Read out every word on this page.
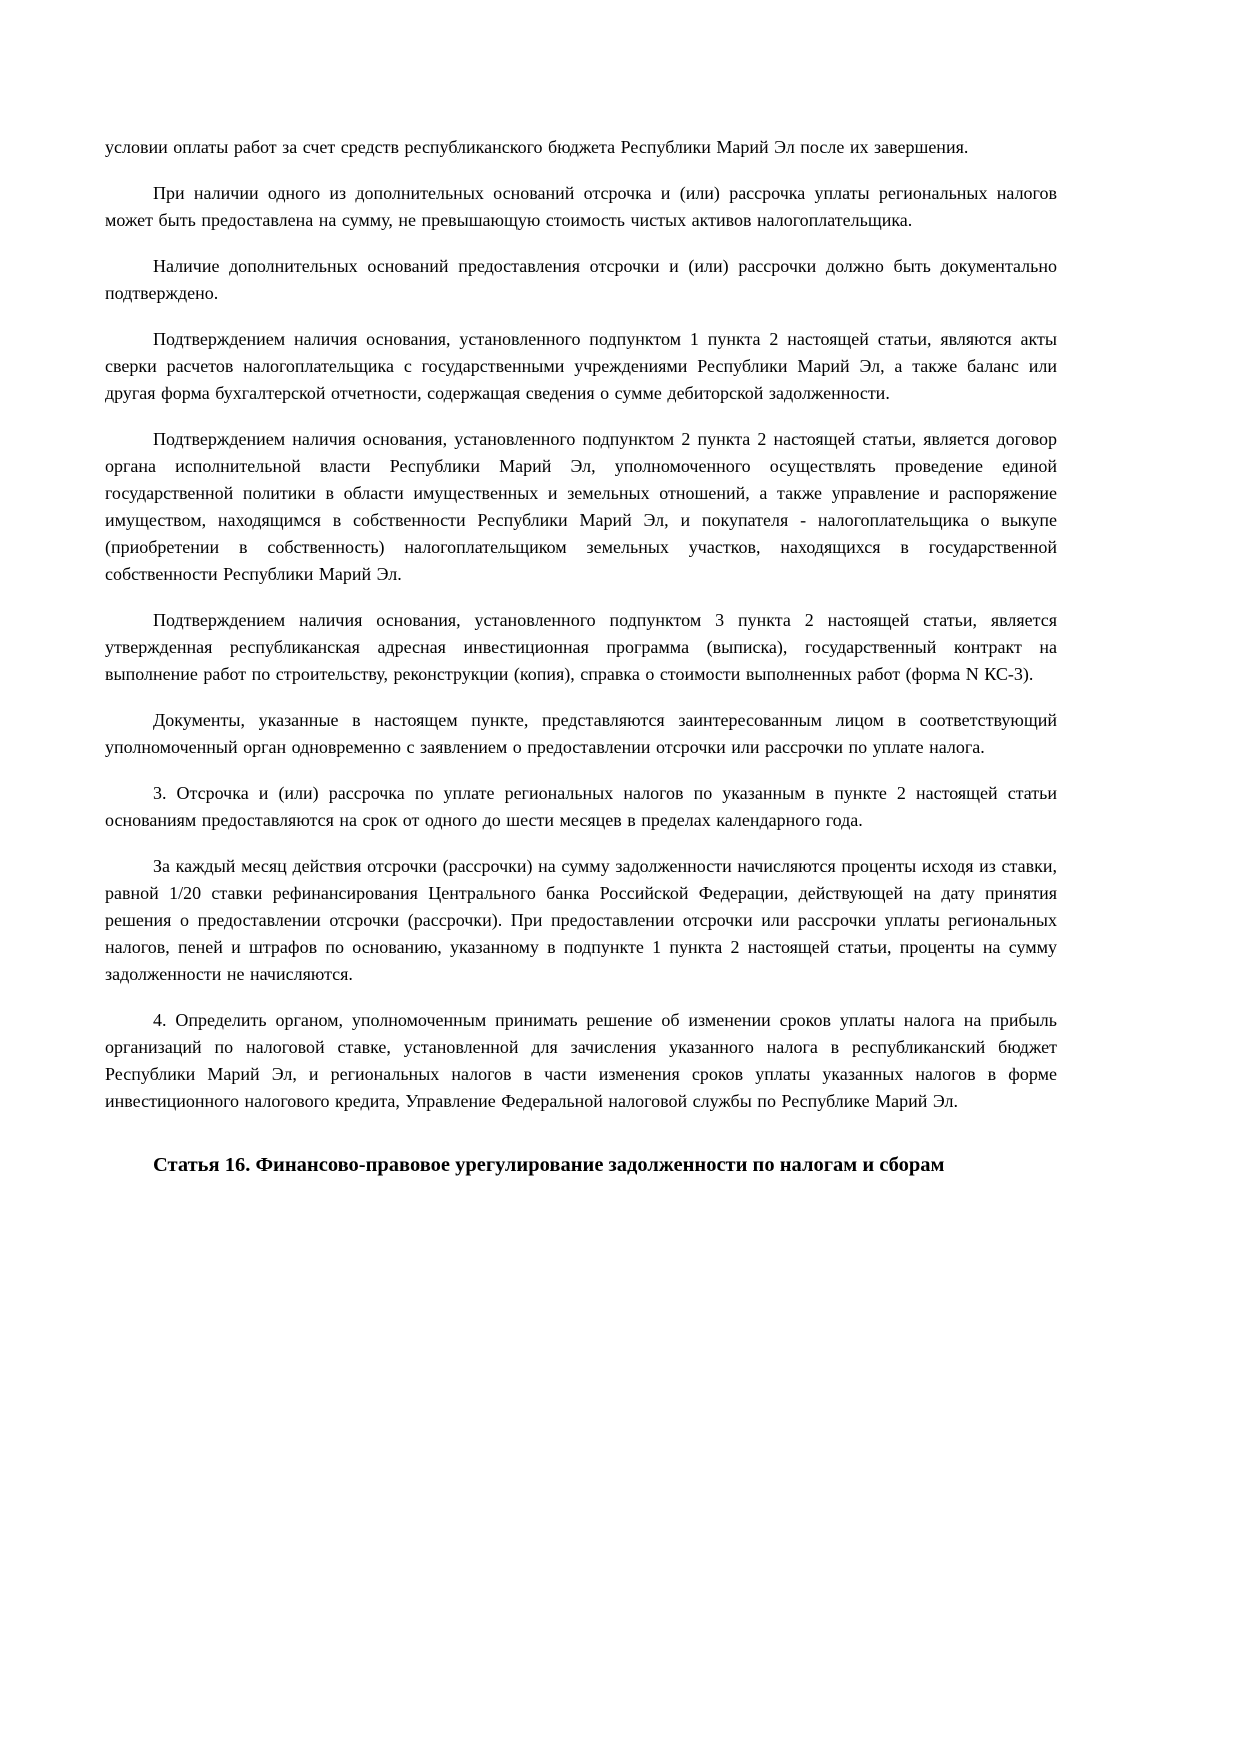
условии оплаты работ за счет средств республиканского бюджета Республики Марий Эл после их завершения.

При наличии одного из дополнительных оснований отсрочка и (или) рассрочка уплаты региональных налогов может быть предоставлена на сумму, не превышающую стоимость чистых активов налогоплательщика.

Наличие дополнительных оснований предоставления отсрочки и (или) рассрочки должно быть документально подтверждено.

Подтверждением наличия основания, установленного подпунктом 1 пункта 2 настоящей статьи, являются акты сверки расчетов налогоплательщика с государственными учреждениями Республики Марий Эл, а также баланс или другая форма бухгалтерской отчетности, содержащая сведения о сумме дебиторской задолженности.

Подтверждением наличия основания, установленного подпунктом 2 пункта 2 настоящей статьи, является договор органа исполнительной власти Республики Марий Эл, уполномоченного осуществлять проведение единой государственной политики в области имущественных и земельных отношений, а также управление и распоряжение имуществом, находящимся в собственности Республики Марий Эл, и покупателя - налогоплательщика о выкупе (приобретении в собственность) налогоплательщиком земельных участков, находящихся в государственной собственности Республики Марий Эл.

Подтверждением наличия основания, установленного подпунктом 3 пункта 2 настоящей статьи, является утвержденная республиканская адресная инвестиционная программа (выписка), государственный контракт на выполнение работ по строительству, реконструкции (копия), справка о стоимости выполненных работ (форма N КС-3).

Документы, указанные в настоящем пункте, представляются заинтересованным лицом в соответствующий уполномоченный орган одновременно с заявлением о предоставлении отсрочки или рассрочки по уплате налога.

3. Отсрочка и (или) рассрочка по уплате региональных налогов по указанным в пункте 2 настоящей статьи основаниям предоставляются на срок от одного до шести месяцев в пределах календарного года.

За каждый месяц действия отсрочки (рассрочки) на сумму задолженности начисляются проценты исходя из ставки, равной 1/20 ставки рефинансирования Центрального банка Российской Федерации, действующей на дату принятия решения о предоставлении отсрочки (рассрочки). При предоставлении отсрочки или рассрочки уплаты региональных налогов, пеней и штрафов по основанию, указанному в подпункте 1 пункта 2 настоящей статьи, проценты на сумму задолженности не начисляются.

4. Определить органом, уполномоченным принимать решение об изменении сроков уплаты налога на прибыль организаций по налоговой ставке, установленной для зачисления указанного налога в республиканский бюджет Республики Марий Эл, и региональных налогов в части изменения сроков уплаты указанных налогов в форме инвестиционного налогового кредита, Управление Федеральной налоговой службы по Республике Марий Эл.

Статья 16. Финансово-правовое урегулирование задолженности по налогам и сборам
